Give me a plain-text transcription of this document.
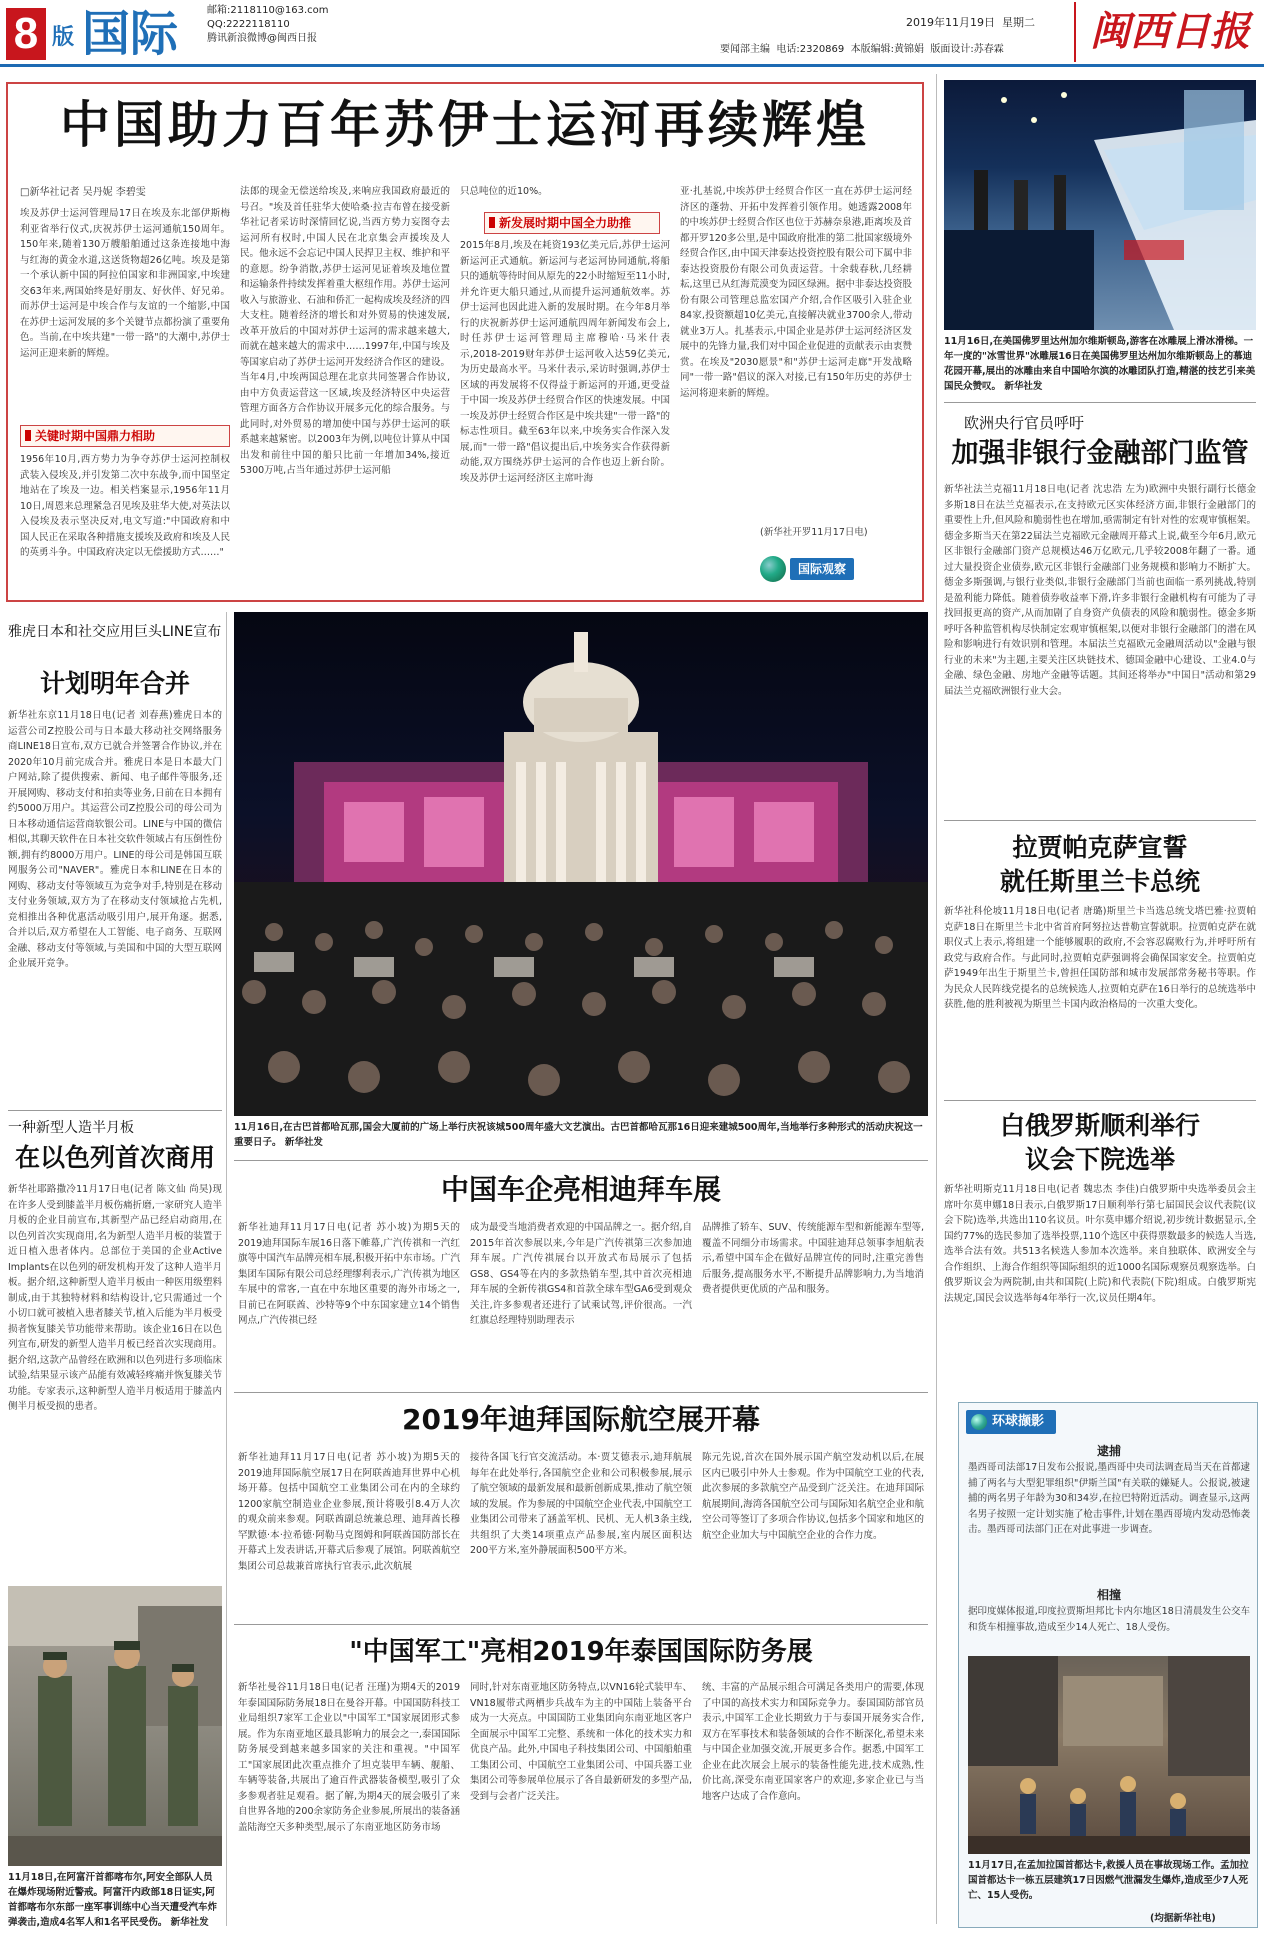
8 版 国际	邮箱:2118110@163.com
QQ:2222118110
腾讯新浪微博@闽西日报
2019年11月19日 星期二
要闻部主编 电话:2320869 本版编辑:黄锦娟 版面设计:苏春霖	闽西日报
中国助力百年苏伊士运河再续辉煌
□新华社记者 吴丹妮 李碧雯
埃及苏伊士运河管理局17日在埃及东北部伊斯梅利亚省举行仪式,庆祝苏伊士运河通航150周年。150年来,随着130万艘船舶通过这条连接地中海与红海的黄金水道,这送货物超26亿吨。埃及是第一个承认新中国的阿拉伯国家和非洲国家,中埃建交63年来,两国始终是好朋友、好伙伴、好兄弟。而苏伊士运河是中埃合作与友谊的一个缩影,中国在苏伊士运河发展的多个关键节点都扮演了重要角色。当前,在中埃共建"一带一路"的大潮中,苏伊士运河正迎来新的辉煌。
关键时期中国鼎力相助
1956年10月,西方势力为争夺苏伊士运河控制权武装入侵埃及,并引发第二次中东战争,而中国坚定地站在了埃及一边。相关档案显示,1956年11月10日,周恩来总理紧急召见埃及驻华大使,对英法以入侵埃及表示坚决反对,电文写道:"中国政府和中国人民正在采取各种措施支援埃及政府和埃及人民的英勇斗争。中国政府决定以无偿援助方式……"
法郎的现金无偿送给埃及,来响应我国政府最近的号召。"埃及首任驻华大使哈桑·拉吉布曾在接受新华社记者采访时深情回忆说,当西方势力妄图夺去运河所有权时,中国人民在北京集会声援埃及人民。他永远不会忘记中国人民捍卫主权、维护和平的意愿。纷争消散,苏伊士运河见证着埃及地位置和运输条件持续发挥着重大枢纽作用。苏伊士运河收入与旅游业、石油和侨汇一起构成埃及经济的四大支柱。随着经济的增长和对外贸易的快速发展,改革开放后的中国对苏伊士运河的需求越来越大,而就在越来越大的需求中……1997年,中国与埃及等国家启动了苏伊士运河开发经济合作区的建设。当年4月,中埃两国总理在北京共同签署合作协议,由中方负责运营这一区域,埃及经济特区中央运营管理方面各方合作协议开展多元化的综合服务。与此同时,对外贸易的增加使中国与苏伊士运河的联系越来越紧密。以2003年为例,以吨位计算从中国出发和前往中国的船只比前一年增加34%,接近5300万吨,占当年通过苏伊士运河船
只总吨位的近10%。
新发展时期中国全力助推
2015年8月,埃及在耗资193亿美元后,苏伊士运河新运河正式通航。新运河与老运河协同通航,将船只的通航等待时间从原先的22小时缩短至11小时,并允许更大船只通过,从而提升运河通航效率。苏伊士运河也因此进入新的发展时期。在今年8月举行的庆祝新苏伊士运河通航四周年新闻发布会上,时任苏伊士运河管理局主席穆哈·马米什表示,2018-2019财年苏伊士运河收入达59亿美元,为历史最高水平。马米什表示,采访时强调,苏伊士区域的再发展将不仅得益于新运河的开通,更受益于中国一埃及苏伊士经贸合作区的快速发展。中国一埃及苏伊士经贸合作区是中埃共建"一带一路"的标志性项目。截至63年以来,中埃务实合作深入发展,而"一带一路"倡议提出后,中埃务实合作获得新动能,双方围绕苏伊士运河的合作也迈上新台阶。埃及苏伊士运河经济区主席叶海
亚·扎基说,中埃苏伊士经贸合作区一直在苏伊士运河经济区的蓬勃、开拓中发挥着引领作用。她透露2008年的中埃苏伊士经贸合作区也位于苏赫奈泉港,距离埃及首都开罗120多公里,是中国政府批准的第二批国家级境外经贸合作区,由中国天津泰达投资控股有限公司下属中非泰达投资股份有限公司负责运营。十余载春秋,几经耕耘,这里已从红海荒漠变为园区绿洲。据中非泰达投资股份有限公司管理总监宏国产介绍,合作区吸引入驻企业84家,投资额超10亿美元,直接解决就业3700余人,带动就业3万人。扎基表示,中国企业是苏伊士运河经济区发展中的先锋力量,我们对中国企业促进的贡献表示由衷赞赏。在埃及"2030愿景"和"苏伊士运河走廊"开发战略同"一带一路"倡议的深入对接,已有150年历史的苏伊士运河将迎来新的辉煌。
(新华社开罗11月17日电)
国际观察
11月16日,在美国佛罗里达州加尔维斯顿岛,游客在冰雕展上滑冰滑梯。一年一度的"冰雪世界"冰雕展16日在美国佛罗里达州加尔维斯顿岛上的慕迪花园开幕,展出的冰雕由来自中国哈尔滨的冰雕团队打造,精湛的技艺引来美国民众赞叹。 新华社发
欧洲央行官员呼吁
加强非银行金融部门监管
新华社法兰克福11月18日电(记者 沈忠浩 左为)欧洲中央银行副行长德金多斯18日在法兰克福表示,在支持欧元区实体经济方面,非银行金融部门的重要性上升,但风险和脆弱性也在增加,亟需制定有针对性的宏观审慎框架。德金多斯当天在第22届法兰克福欧元金融周开幕式上说,截至今年6月,欧元区非银行金融部门资产总规模达46万亿欧元,几乎较2008年翻了一番。通过大量投资企业债券,欧元区非银行金融部门业务规模和影响力不断扩大。德金多斯强调,与银行业类似,非银行金融部门当前也面临一系列挑战,特别是盈利能力降低。随着债券收益率下滑,许多非银行金融机构有可能为了寻找回报更高的资产,从而加剧了自身资产负债表的风险和脆弱性。德金多斯呼吁各种监管机构尽快制定宏观审慎框架,以便对非银行金融部门的潜在风险和影响进行有效识别和管理。本届法兰克福欧元金融周活动以"金融与银行业的未来"为主题,主要关注区块链技术、德国金融中心建设、工业4.0与金融、绿色金融、房地产金融等话题。其间还将举办"中国日"活动和第29届法兰克福欧洲银行业大会。
拉贾帕克萨宣誓
就任斯里兰卡总统
新华社科伦坡11月18日电(记者 唐璐)斯里兰卡当选总统戈塔巴雅·拉贾帕克萨18日在斯里兰卡北中省首府阿努拉达普勒宣誓就职。拉贾帕克萨在就职仪式上表示,将组建一个能够履职的政府,不会容忍腐败行为,并呼吁所有政党与政府合作。与此同时,拉贾帕克萨强调将会确保国家安全。拉贾帕克萨1949年出生于斯里兰卡,曾担任国防部和城市发展部常务秘书等职。作为民众人民阵线党提名的总统候选人,拉贾帕克萨在16日举行的总统选举中获胜,他的胜利被视为斯里兰卡国内政治格局的一次重大变化。
白俄罗斯顺利举行
议会下院选举
新华社明斯克11月18日电(记者 魏忠杰 李佳)白俄罗斯中央选举委员会主席叶尔莫申娜18日表示,白俄罗斯17日顺利举行第七届国民会议代表院(议会下院)选举,共选出110名议员。叶尔莫申娜介绍说,初步统计数据显示,全国约77%的选民参加了选举投票,110个选区中获得票数最多的候选人当选,选举合法有效。共513名候选人参加本次选举。来自独联体、欧洲安全与合作组织、上海合作组织等国际组织的近1000名国际观察员观察选举。白俄罗斯议会为两院制,由共和国院(上院)和代表院(下院)组成。白俄罗斯宪法规定,国民会议选举每4年举行一次,议员任期4年。
环球撷影
逮捕
墨西哥司法部17日发布公报说,墨西哥中央司法调查局当天在首都逮捕了两名与大型犯罪组织"伊斯兰国"有关联的嫌疑人。公报说,被逮捕的两名男子年龄为30和34岁,在拉巴特附近活动。调查显示,这两名男子按照一定计划实施了枪击事件,计划在墨西哥境内发动恐怖袭击。墨西哥司法部门正在对此事进一步调查。
相撞
据印度媒体报道,印度拉贾斯坦邦比卡内尔地区18日清晨发生公交车和货车相撞事故,造成至少14人死亡、18人受伤。
11月17日,在孟加拉国首都达卡,救援人员在事故现场工作。孟加拉国首都达卡一栋五层建筑17日因燃气泄漏发生爆炸,造成至少7人死亡、15人受伤。
(均据新华社电)
雅虎日本和社交应用巨头LINE宣布
计划明年合并
新华社东京11月18日电(记者 刘春燕)雅虎日本的运营公司Z控股公司与日本最大移动社交网络服务商LINE18日宣布,双方已就合并签署合作协议,并在2020年10月前完成合并。雅虎日本是日本最大门户网站,除了提供搜索、新闻、电子邮件等服务,还开展网购、移动支付和拍卖等业务,日前在日本拥有约5000万用户。其运营公司Z控股公司的母公司为日本移动通信运营商软银公司。LINE与中国的微信相似,其聊天软件在日本社交软件领域占有压倒性份额,拥有约8000万用户。LINE的母公司是韩国互联网服务公司"NAVER"。雅虎日本和LINE在日本的网购、移动支付等领域互为竞争对手,特别是在移动支付业务领域,双方为了在移动支付领域抢占先机,竞相推出各种优惠活动吸引用户,展开角逐。据悉,合并以后,双方希望在人工智能、电子商务、互联网金融、移动支付等领域,与美国和中国的大型互联网企业展开竞争。
一种新型人造半月板
在以色列首次商用
新华社耶路撒冷11月17日电(记者 陈文仙 尚昊)现在许多人受到膝盖半月板伤痛折磨,一家研究人造半月板的企业目前宣布,其新型产品已经启动商用,在以色列首次实现商用,名为新型人造半月板的装置于近日植入患者体内。总部位于美国的企业Active Implants在以色列的研发机构开发了这种人造半月板。据介绍,这种新型人造半月板由一种医用级塑料制成,由于其独特材料和结构设计,它只需通过一个小切口就可被植入患者膝关节,植入后能为半月板受损者恢复膝关节功能带来帮助。该企业16日在以色列宣布,研发的新型人造半月板已经首次实现商用。据介绍,这款产品曾经在欧洲和以色列进行多项临床试验,结果显示该产品能有效减轻疼痛并恢复膝关节功能。专家表示,这种新型人造半月板适用于膝盖内侧半月板受损的患者。
11月18日,在阿富汗首都喀布尔,阿安全部队人员在爆炸现场附近警戒。阿富汗内政部18日证实,阿首都喀布尔东部一座军事训练中心当天遭受汽车炸弹袭击,造成4名军人和1名平民受伤。 新华社发
11月16日,在古巴首都哈瓦那,国会大厦前的广场上举行庆祝该城500周年盛大文艺演出。古巴首都哈瓦那16日迎来建城500周年,当地举行多种形式的活动庆祝这一重要日子。 新华社发
中国车企亮相迪拜车展
新华社迪拜11月17日电(记者 苏小坡)为期5天的2019迪拜国际车展16日落下帷幕,广汽传祺和一汽红旗等中国汽车品牌亮相车展,积极开拓中东市场。广汽集团车国际有限公司总经理缪利表示,广汽传祺为地区车展中的常客,一直在中东地区重要的海外市场之一,目前已在阿联酋、沙特等9个中东国家建立14个销售网点,广汽传祺已经
成为最受当地消费者欢迎的中国品牌之一。据介绍,自2015年首次参展以来,今年是广汽传祺第三次参加迪拜车展。广汽传祺展台以开放式布局展示了包括GS8、GS4等在内的多款热销车型,其中首次亮相迪拜车展的全新传祺GS4和首款全球车型GA6受到观众关注,许多参观者还进行了试乘试驾,评价很高。一汽红旗总经理特别助理表示
品牌推了轿车、SUV、传统能源车型和新能源车型等,覆盖不同细分市场需求。中国驻迪拜总领事李旭航表示,希望中国车企在做好品牌宣传的同时,注重完善售后服务,提高服务水平,不断提升品牌影响力,为当地消费者提供更优质的产品和服务。
2019年迪拜国际航空展开幕
新华社迪拜11月17日电(记者 苏小坡)为期5天的2019迪拜国际航空展17日在阿联酋迪拜世界中心机场开幕。包括中国航空工业集团公司在内的全球约1200家航空制造业企业参展,预计将吸引8.4万人次的观众前来参观。阿联酋副总统兼总理、迪拜酋长穆罕默德·本·拉希德·阿勒马克图姆和阿联酋国防部长在开幕式上发表讲话,开幕式后参观了展馆。阿联酋航空集团公司总裁兼首席执行官表示,此次航展
接待各国飞行官交流活动。本·贾艾德表示,迪拜航展每年在此处举行,各国航空企业和公司积极参展,展示了航空领域的最新发展和最新创新成果,推动了航空领域的发展。作为参展的中国航空企业代表,中国航空工业集团公司带来了涵盖军机、民机、无人机3条主线,共组织了大类14项重点产品参展,室内展区面积达200平方米,室外静展面积500平方米。
陈元先说,首次在国外展示国产航空发动机以后,在展区内已吸引中外人士参观。作为中国航空工业的代表,此次参展的多款航空产品受到广泛关注。在迪拜国际航展期间,海湾各国航空公司与国际知名航空企业和航空公司等签订了多项合作协议,包括多个国家和地区的航空企业加大与中国航空企业的合作力度。
"中国军工"亮相2019年泰国国际防务展
新华社曼谷11月18日电(记者 汪瑾)为期4天的2019年泰国国际防务展18日在曼谷开幕。中国国防科技工业局组织7家军工企业以"中国军工"国家展团形式参展。作为东南亚地区最具影响力的展会之一,泰国国际防务展受到越来越多国家的关注和重视。"中国军工"国家展团此次重点推介了坦克装甲车辆、舰船、车辆等装备,共展出了逾百件武器装备模型,吸引了众多参观者驻足观看。据了解,为期4天的展会吸引了来自世界各地的200余家防务企业参展,所展出的装备涵盖陆海空天多种类型,展示了东南亚地区防务市场
同时,针对东南亚地区防务特点,以VN16轮式装甲车、VN18履带式两栖步兵战车为主的中国陆上装备平台成为一大亮点。中国国防工业集团向东南亚地区客户全面展示中国军工完整、系统和一体化的技术实力和优良产品。此外,中国电子科技集团公司、中国船舶重工集团公司、中国航空工业集团公司、中国兵器工业集团公司等参展单位展示了各自最新研发的多型产品,受到与会者广泛关注。
统、丰富的产品展示组合可满足各类用户的需要,体现了中国的高技术实力和国际竞争力。泰国国防部官员表示,中国军工企业长期致力于与泰国开展务实合作,双方在军事技术和装备领域的合作不断深化,希望未来与中国企业加强交流,开展更多合作。据悉,中国军工企业在此次展会上展示的装备性能先进,技术成熟,性价比高,深受东南亚国家客户的欢迎,多家企业已与当地客户达成了合作意向。
